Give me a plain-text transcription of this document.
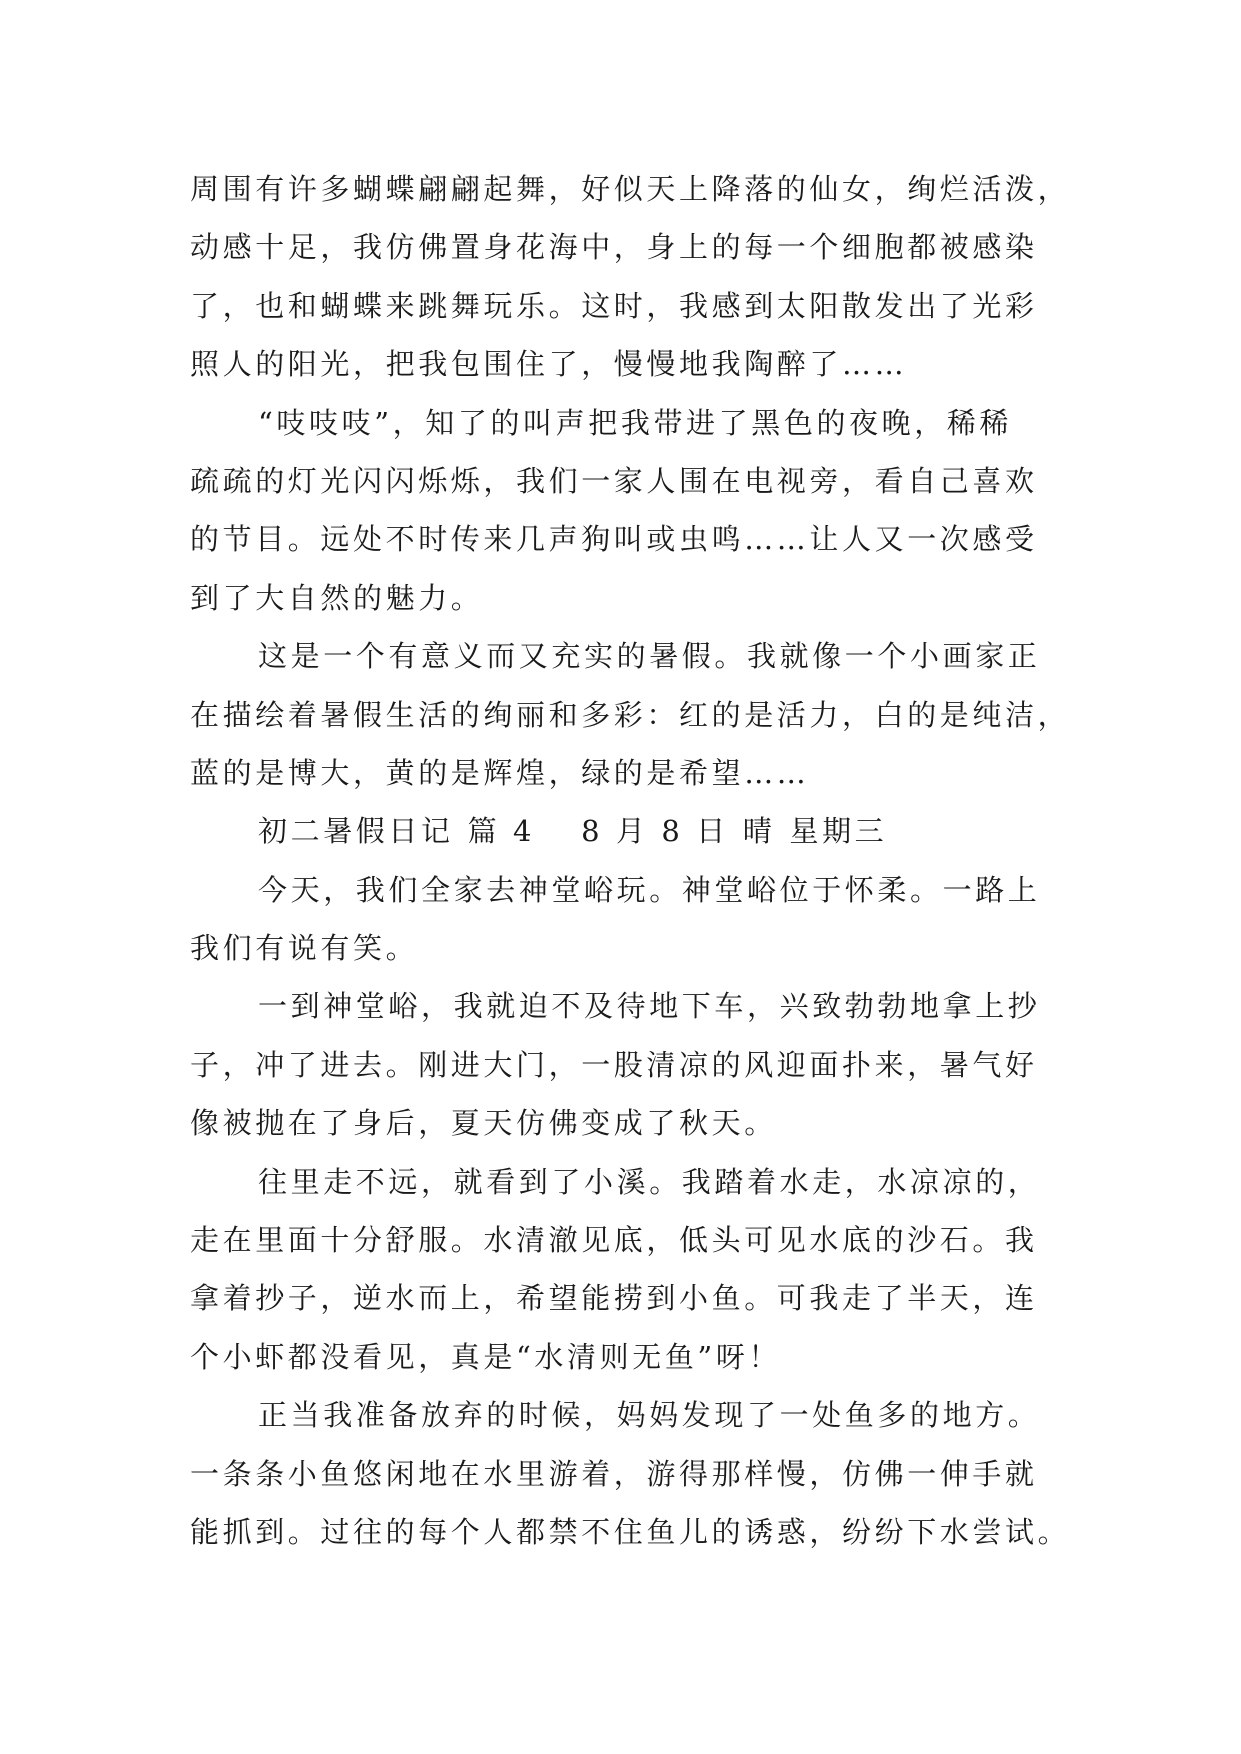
周围有许多蝴蝶翩翩起舞，好似天上降落的仙女，绚烂活泼，
动感十足，我仿佛置身花海中，身上的每一个细胞都被感染
了，也和蝴蝶来跳舞玩乐。这时，我感到太阳散发出了光彩
照人的阳光，把我包围住了，慢慢地我陶醉了……
“吱吱吱”，知了的叫声把我带进了黑色的夜晚，稀稀
疏疏的灯光闪闪烁烁，我们一家人围在电视旁，看自己喜欢
的节目。远处不时传来几声狗叫或虫鸣……让人又一次感受
到了大自然的魅力。
这是一个有意义而又充实的暑假。我就像一个小画家正
在描绘着暑假生活的绚丽和多彩：红的是活力，白的是纯洁，
蓝的是博大，黄的是辉煌，绿的是希望……
初二暑假日记 篇 4 8 月 8 日 晴 星期三
今天，我们全家去神堂峪玩。神堂峪位于怀柔。一路上
我们有说有笑。
一到神堂峪，我就迫不及待地下车，兴致勃勃地拿上抄
子，冲了进去。刚进大门，一股清凉的风迎面扑来，暑气好
像被抛在了身后，夏天仿佛变成了秋天。
往里走不远，就看到了小溪。我踏着水走，水凉凉的，
走在里面十分舒服。水清澈见底，低头可见水底的沙石。我
拿着抄子，逆水而上，希望能捞到小鱼。可我走了半天，连
个小虾都没看见，真是“水清则无鱼”呀！
正当我准备放弃的时候，妈妈发现了一处鱼多的地方。
一条条小鱼悠闲地在水里游着，游得那样慢，仿佛一伸手就
能抓到。过往的每个人都禁不住鱼儿的诱惑，纷纷下水尝试。
